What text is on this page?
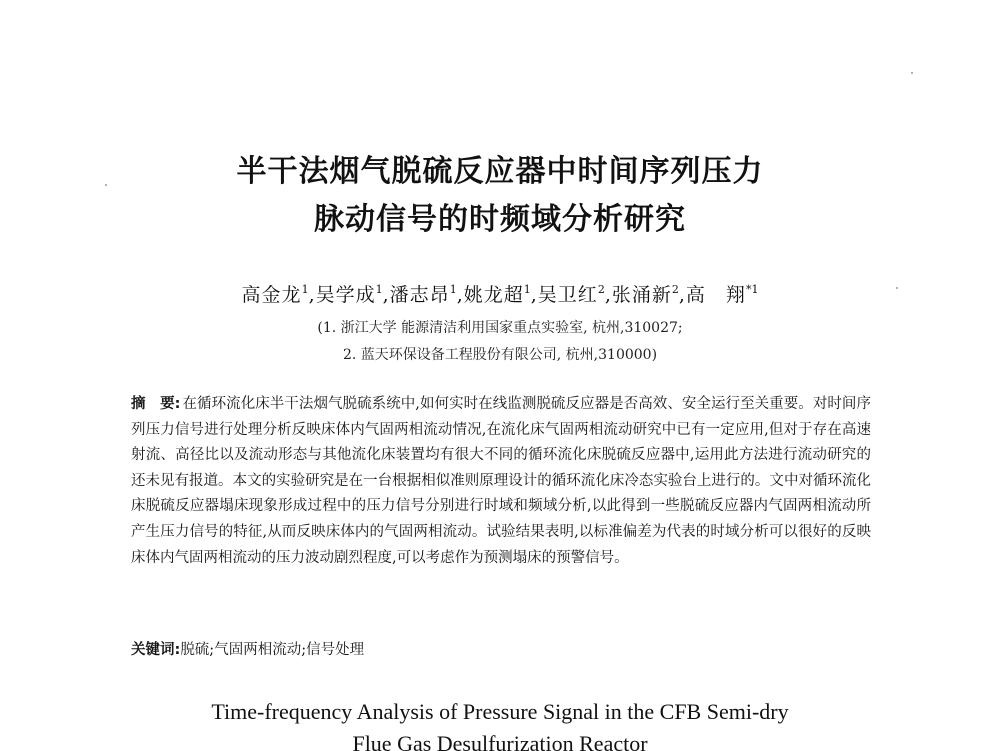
半干法烟气脱硫反应器中时间序列压力
脉动信号的时频域分析研究
高金龙$^1$,吴学成$^1$,潘志昂$^1$,姚龙超$^1$,吴卫红$^2$,张涌新$^2$,高　翔$^{*1}$
(1. 浙江大学 能源清洁利用国家重点实验室, 杭州,310027;
2. 蓝天环保设备工程股份有限公司, 杭州,310000)
摘　要: 在循环流化床半干法烟气脱硫系统中,如何实时在线监测脱硫反应器是否高效、安全运行至关重要。对时间序列压力信号进行处理分析反映床体内气固两相流动情况,在流化床气固两相流动研究中已有一定应用,但对于存在高速射流、高径比以及流动形态与其他流化床装置均有很大不同的循环流化床脱硫反应器中,运用此方法进行流动研究的还未见有报道。本文的实验研究是在一台根据相似准则原理设计的循环流化床冷态实验台上进行的。文中对循环流化床脱硫反应器塌床现象形成过程中的压力信号分别进行时域和频域分析,以此得到一些脱硫反应器内气固两相流动所产生压力信号的特征,从而反映床体内的气固两相流动。试验结果表明,以标准偏差为代表的时域分析可以很好的反映床体内气固两相流动的压力波动剧烈程度,可以考虑作为预测塌床的预警信号。
关键词:脱硫;气固两相流动;信号处理
Time-frequency Analysis of Pressure Signal in the CFB Semi-dry
Flue Gas Desulfurization Reactor
